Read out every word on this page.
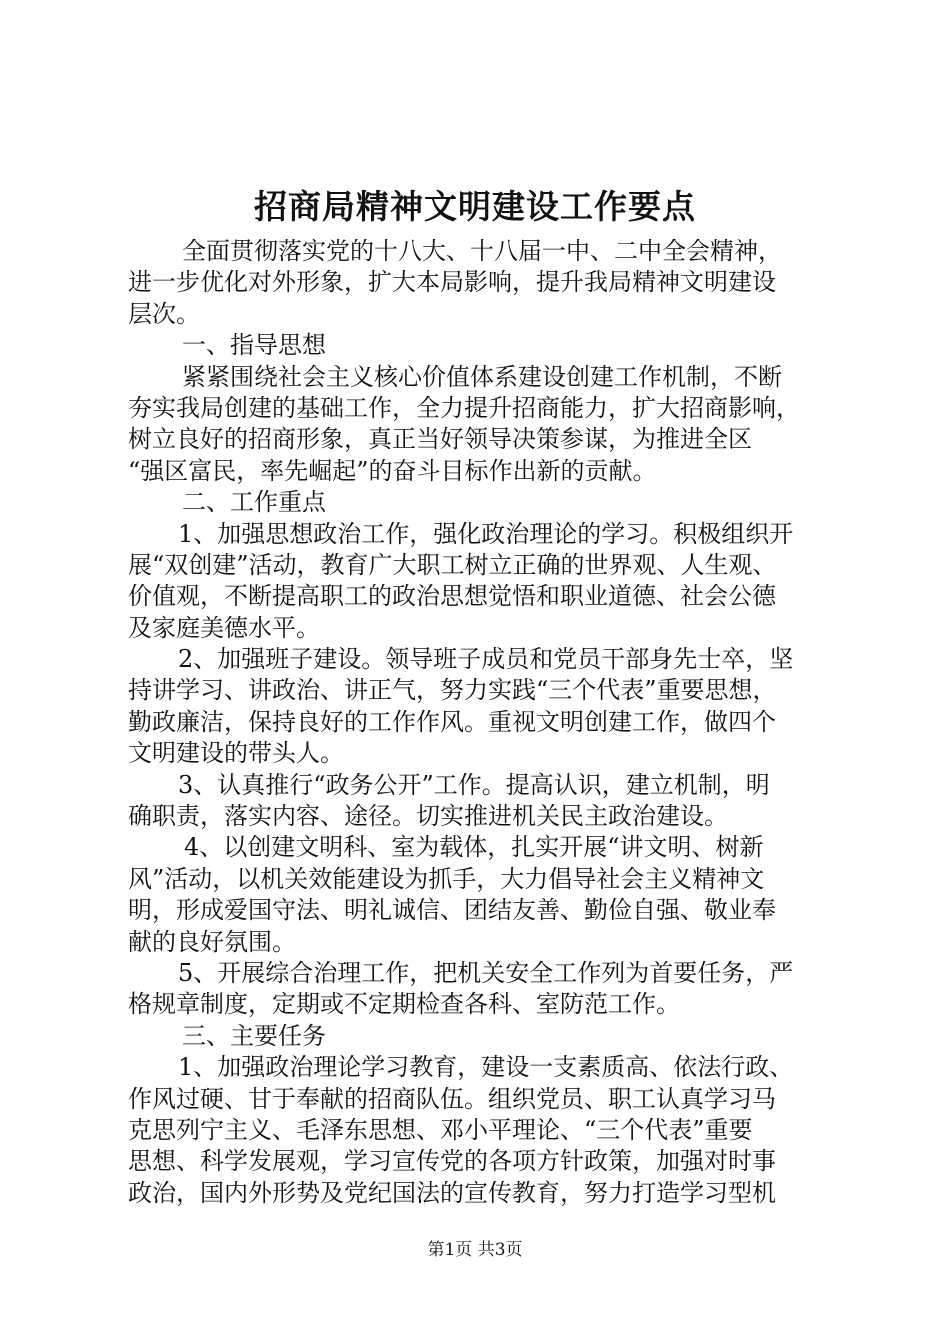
招商局精神文明建设工作要点
全面贯彻落实党的十八大、十八届一中、二中全会精神，
进一步优化对外形象，扩大本局影响，提升我局精神文明建设
层次。
一、指导思想
紧紧围绕社会主义核心价值体系建设创建工作机制，不断
夯实我局创建的基础工作，全力提升招商能力，扩大招商影响，
树立良好的招商形象，真正当好领导决策参谋，为推进全区
“强区富民，率先崛起”的奋斗目标作出新的贡献。
二、工作重点
1、加强思想政治工作，强化政治理论的学习。积极组织开
展“双创建”活动，教育广大职工树立正确的世界观、人生观、
价值观，不断提高职工的政治思想觉悟和职业道德、社会公德
及家庭美德水平。
2、加强班子建设。领导班子成员和党员干部身先士卒，坚
持讲学习、讲政治、讲正气，努力实践“三个代表”重要思想，
勤政廉洁，保持良好的工作作风。重视文明创建工作，做四个
文明建设的带头人。
3、认真推行“政务公开”工作。提高认识，建立机制，明
确职责，落实内容、途径。切实推进机关民主政治建设。
4、以创建文明科、室为载体，扎实开展“讲文明、树新
风”活动，以机关效能建设为抓手，大力倡导社会主义精神文
明，形成爱国守法、明礼诚信、团结友善、勤俭自强、敬业奉
献的良好氛围。
5、开展综合治理工作，把机关安全工作列为首要任务，严
格规章制度，定期或不定期检查各科、室防范工作。
三、主要任务
1、加强政治理论学习教育，建设一支素质高、依法行政、
作风过硬、甘于奉献的招商队伍。组织党员、职工认真学习马
克思列宁主义、毛泽东思想、邓小平理论、“三个代表”重要
思想、科学发展观，学习宣传党的各项方针政策，加强对时事
政治，国内外形势及党纪国法的宣传教育，努力打造学习型机
第1页 共3页
